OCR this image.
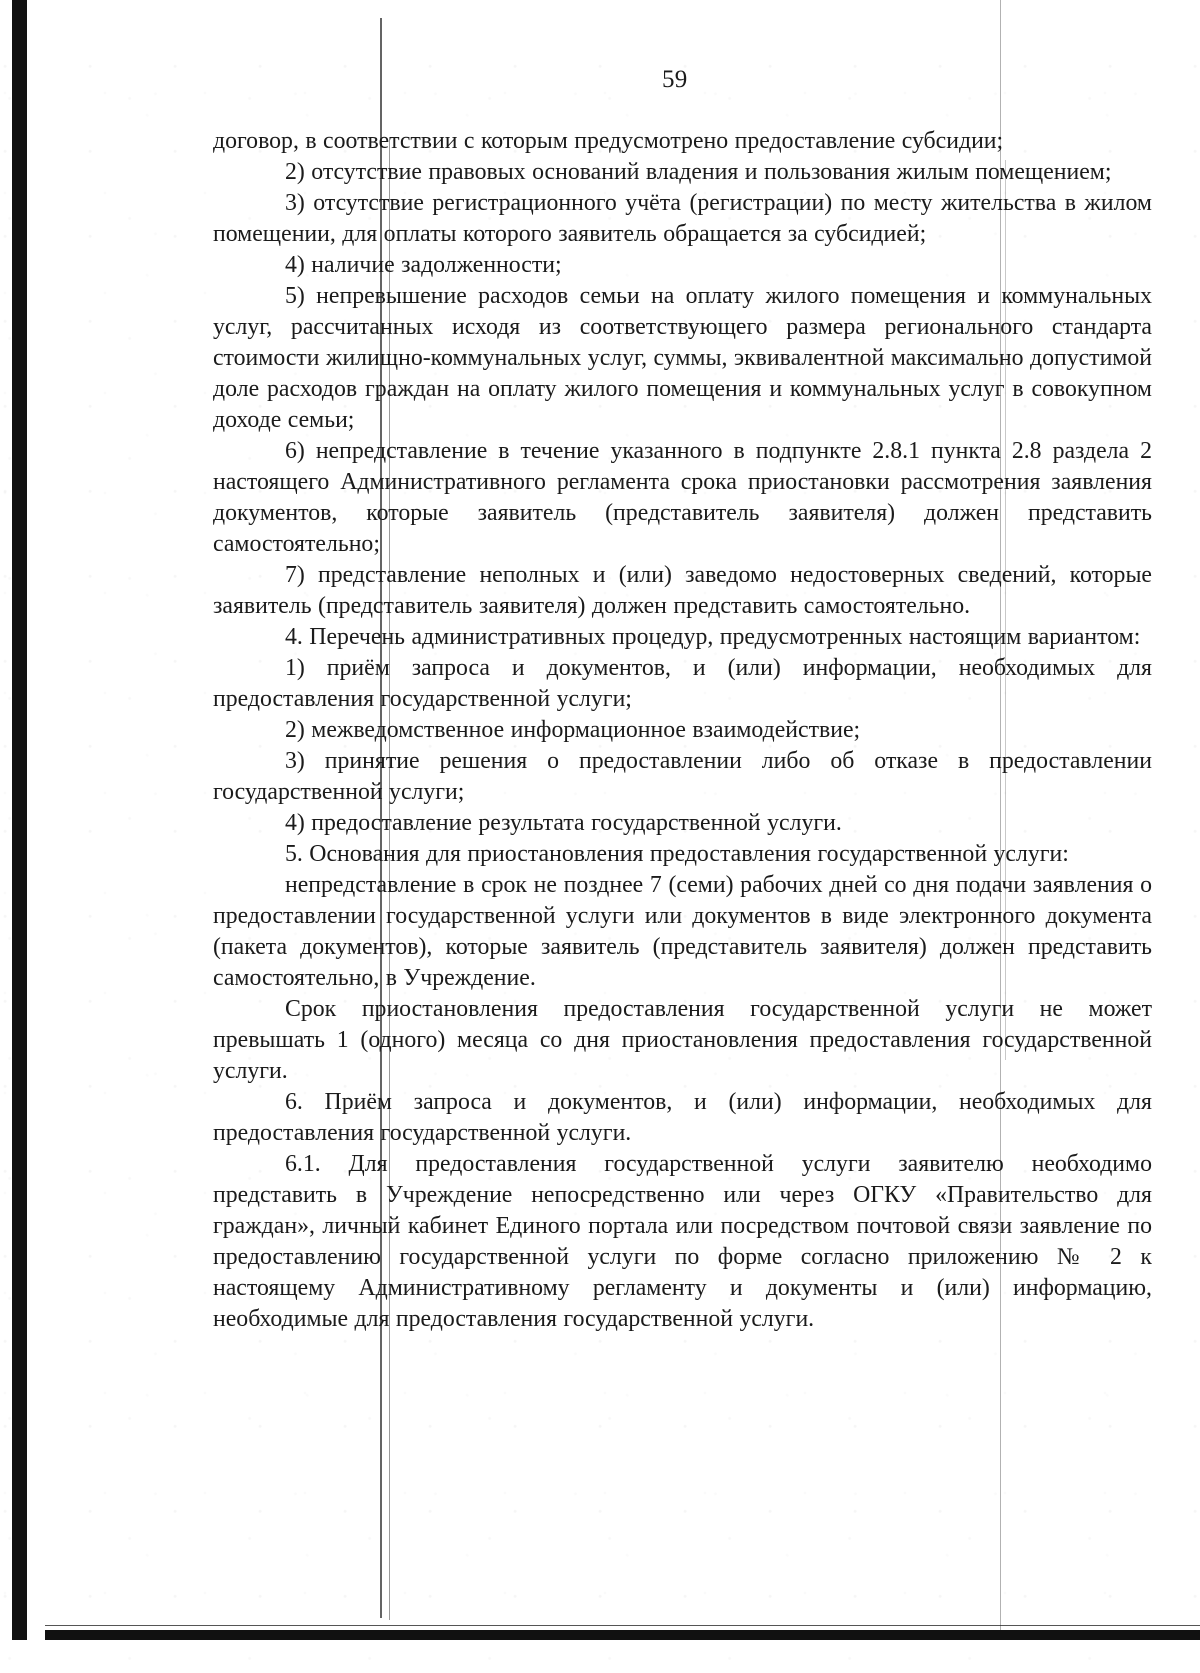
59

договор, в соответствии с которым предусмотрено предоставление субсидии;

2) отсутствие правовых оснований владения и пользования жилым помещением;

3) отсутствие регистрационного учёта (регистрации) по месту жительства в жилом помещении, для оплаты которого заявитель обращается за субсидией;

4) наличие задолженности;

5) непревышение расходов семьи на оплату жилого помещения и коммунальных услуг, рассчитанных исходя из соответствующего размера регионального стандарта стоимости жилищно-коммунальных услуг, суммы, эквивалентной максимально допустимой доле расходов граждан на оплату жилого помещения и коммунальных услуг в совокупном доходе семьи;

6) непредставление в течение указанного в подпункте 2.8.1 пункта 2.8 раздела 2 настоящего Административного регламента срока приостановки рассмотрения заявления документов, которые заявитель (представитель заявителя) должен представить самостоятельно;

7) представление неполных и (или) заведомо недостоверных сведений, которые заявитель (представитель заявителя) должен представить самостоятельно.

4. Перечень административных процедур, предусмотренных настоящим вариантом:

1) приём запроса и документов, и (или) информации, необходимых для предоставления государственной услуги;

2) межведомственное информационное взаимодействие;

3) принятие решения о предоставлении либо об отказе в предоставлении государственной услуги;

4) предоставление результата государственной услуги.

5. Основания для приостановления предоставления государственной услуги:

непредставление в срок не позднее 7 (семи) рабочих дней со дня подачи заявления о предоставлении государственной услуги или документов в виде электронного документа (пакета документов), которые заявитель (представитель заявителя) должен представить самостоятельно, в Учреждение.

Срок приостановления предоставления государственной услуги не может превышать 1 (одного) месяца со дня приостановления предоставления государственной услуги.

6. Приём запроса и документов, и (или) информации, необходимых для предоставления государственной услуги.

6.1. Для предоставления государственной услуги заявителю необходимо представить в Учреждение непосредственно или через ОГКУ «Правительство для граждан», личный кабинет Единого портала или посредством почтовой связи заявление по предоставлению государственной услуги по форме согласно приложению № 2 к настоящему Административному регламенту и документы и (или) информацию, необходимые для предоставления государственной услуги.
